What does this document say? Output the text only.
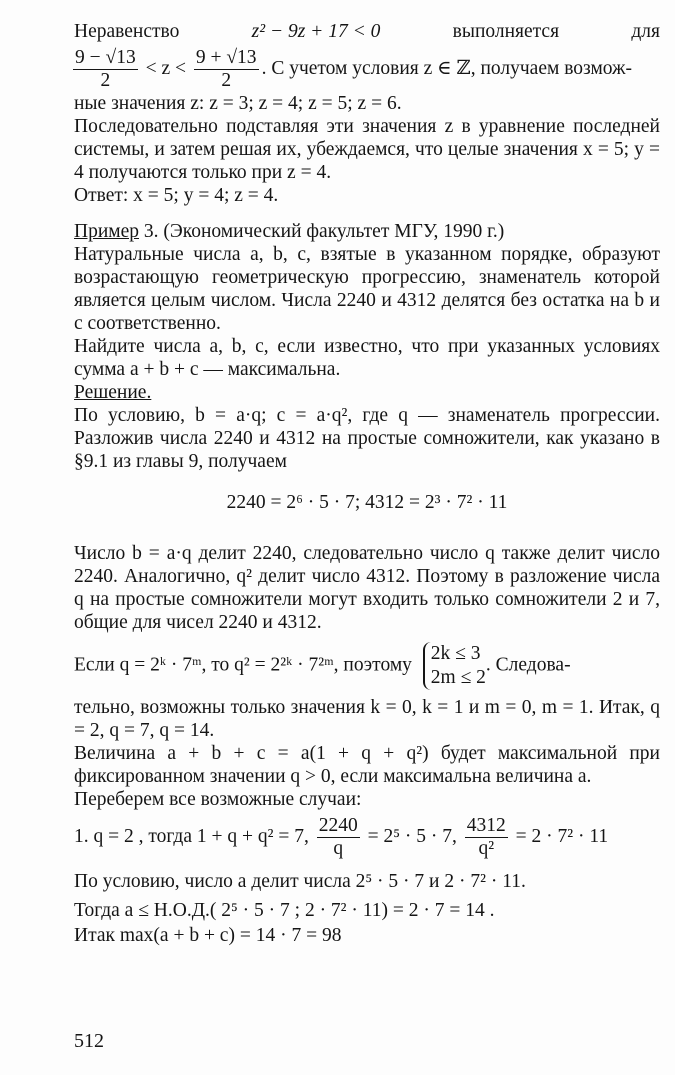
Неравенство	z² − 9z + 17 < 0	выполняется	для
$\frac{9 - √13}{2} < z < \frac{9 + √13}{2}$ . С учетом условия z ∈ ℤ, получаем возмож-

ные значения z: z = 3; z = 4; z = 5; z = 6.

Последовательно подставляя эти значения z в уравнение последней системы, и затем решая их, убеждаемся, что целые значения x = 5; y = 4 получаются только при z = 4.

Ответ: x = 5; y = 4; z = 4.

Пример 3. (Экономический факультет МГУ, 1990 г.)

Натуральные числа a, b, c, взятые в указанном порядке, образуют возрастающую геометрическую прогрессию, знаменатель которой является целым числом. Числа 2240 и 4312 делятся без остатка на b и c соответственно.

Найдите числа a, b, c, если известно, что при указанных условиях сумма a + b + c — максимальна.

Решение.

По условию, b = a·q; c = a·q², где q — знаменатель прогрессии. Разложив числа 2240 и 4312 на простые сомножители, как указано в §9.1 из главы 9, получаем

2240 = 2⁶ · 5 · 7; 4312 = 2³ · 7² · 11

Число b = a·q делит 2240, следовательно число q также делит число 2240. Аналогично, q² делит число 4312. Поэтому в разложение числа q на простые сомножители могут входить только сомножители 2 и 7, общие для чисел 2240 и 4312.

Если q = 2ᵏ · 7ᵐ, то q² = 2²ᵏ · 7²ᵐ, поэтому
2k ≤ 3
2m ≤ 2
. Следова-

тельно, возможны только значения k = 0, k = 1 и m = 0, m = 1. Итак, q = 2, q = 7, q = 14.

Величина a + b + c = a(1 + q + q²) будет максимальной при фиксированном значении q > 0, если максимальна величина a.

Переберем все возможные случаи:

1. q = 2 , тогда 1 + q + q² = 7, $\frac{2240}{q} = 2^5 \cdot 5 \cdot 7$, $\frac{4312}{\text{q²}} = 2 \cdot 7^2 \cdot 11$

По условию, число a делит числа 2⁵ · 5 · 7 и 2 · 7² · 11.

Тогда a ≤ Н.О.Д.( 2⁵ · 5 · 7 ; 2 · 7² · 11) = 2 · 7 = 14 .

Итак max(a + b + c) = 14 · 7 = 98

512
